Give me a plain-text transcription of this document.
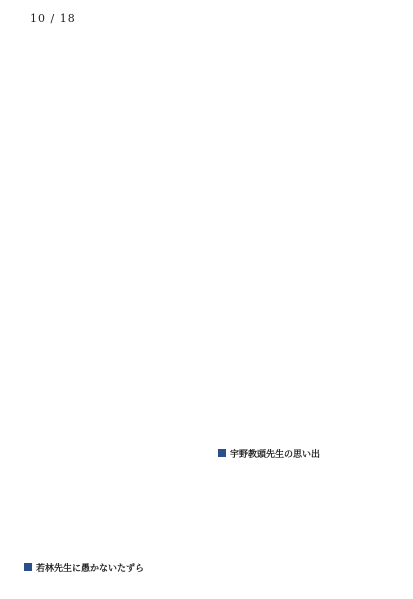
10 / 18

若林先生に愚かないたずら

宇野教頭先生の思い出
